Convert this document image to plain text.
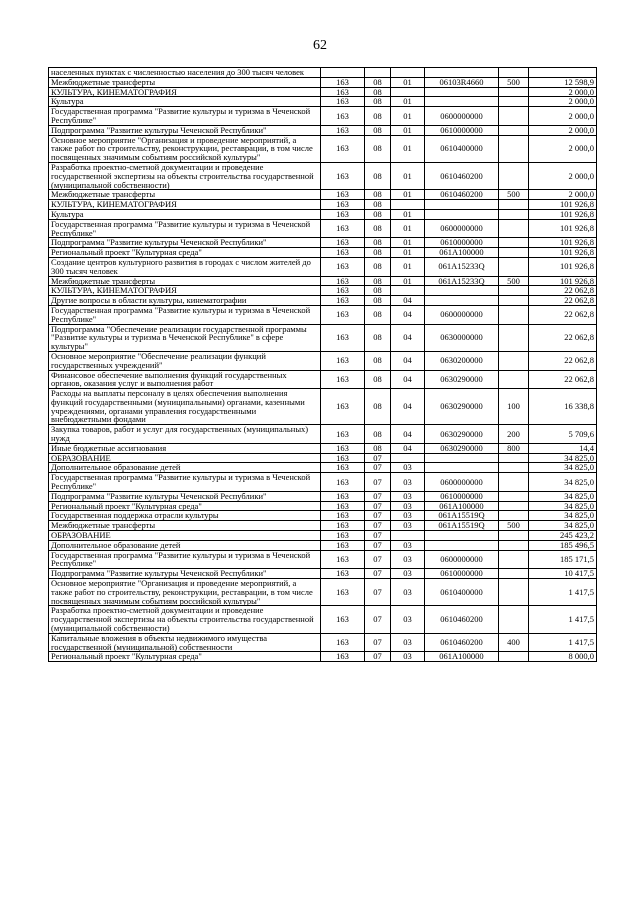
62
населенных пунктах с численностью населения до 300 тысяч человек						
Межбюджетные трансферты	163	08	01	06103R4660	500	12 598,9
КУЛЬТУРА, КИНЕМАТОГРАФИЯ	163	08				2 000,0
Культура	163	08	01			2 000,0
Государственная программа "Развитие культуры и туризма в Чеченской Республике"	163	08	01	0600000000		2 000,0
Подпрограмма "Развитие культуры Чеченской Республики"	163	08	01	0610000000		2 000,0
Основное мероприятие "Организация и проведение мероприятий, а также работ по строительству, реконструкции, реставрации, в том числе посвященных значимым событиям российской культуры"	163	08	01	0610400000		2 000,0
Разработка проектно-сметной документации и проведение государственной экспертизы на объекты строительства государственной (муниципальной собственности)	163	08	01	0610460200		2 000,0
Межбюджетные трансферты	163	08	01	0610460200	500	2 000,0
КУЛЬТУРА, КИНЕМАТОГРАФИЯ	163	08				101 926,8
Культура	163	08	01			101 926,8
Государственная программа "Развитие культуры и туризма в Чеченской Республике"	163	08	01	0600000000		101 926,8
Подпрограмма "Развитие культуры Чеченской Республики"	163	08	01	0610000000		101 926,8
Региональный проект "Культурная среда"	163	08	01	061A100000		101 926,8
Создание центров культурного развития в городах с числом жителей до 300 тысяч человек	163	08	01	061A15233Q		101 926,8
Межбюджетные трансферты	163	08	01	061A15233Q	500	101 926,8
КУЛЬТУРА, КИНЕМАТОГРАФИЯ	163	08				22 062,8
Другие вопросы в области культуры, кинематографии	163	08	04			22 062,8
Государственная программа "Развитие культуры и туризма в Чеченской Республике"	163	08	04	0600000000		22 062,8
Подпрограмма "Обеспечение реализации государственной программы "Развитие культуры и туризма в Чеченской Республике" в сфере культуры"	163	08	04	0630000000		22 062,8
Основное мероприятие "Обеспечение реализации функций государственных учреждений"	163	08	04	0630200000		22 062,8
Финансовое обеспечение выполнения функций государственных органов, оказания услуг и выполнения работ	163	08	04	0630290000		22 062,8
Расходы на выплаты персоналу в целях обеспечения выполнения функций государственными (муниципальными) органами, казенными учреждениями, органами управления государственными внебюджетными фондами	163	08	04	0630290000	100	16 338,8
Закупка товаров, работ и услуг для государственных (муниципальных) нужд	163	08	04	0630290000	200	5 709,6
Иные бюджетные ассигнования	163	08	04	0630290000	800	14,4
ОБРАЗОВАНИЕ	163	07				34 825,0
Дополнительное образование детей	163	07	03			34 825,0
Государственная программа "Развитие культуры и туризма в Чеченской Республике"	163	07	03	0600000000		34 825,0
Подпрограмма "Развитие культуры Чеченской Республики"	163	07	03	0610000000		34 825,0
Региональный проект "Культурная среда"	163	07	03	061A100000		34 825,0
Государственная поддержка отрасли культуры	163	07	03	061A15519Q		34 825,0
Межбюджетные трансферты	163	07	03	061A15519Q	500	34 825,0
ОБРАЗОВАНИЕ	163	07				245 423,2
Дополнительное образование детей	163	07	03			185 496,5
Государственная программа "Развитие культуры и туризма в Чеченской Республике"	163	07	03	0600000000		185 171,5
Подпрограмма "Развитие культуры Чеченской Республики"	163	07	03	0610000000		10 417,5
Основное мероприятие "Организация и проведение мероприятий, а также работ по строительству, реконструкции, реставрации, в том числе посвященных значимым событиям российской культуры"	163	07	03	0610400000		1 417,5
Разработка проектно-сметной документации и проведение государственной экспертизы на объекты строительства государственной (муниципальной собственности)	163	07	03	0610460200		1 417,5
Капитальные вложения в объекты недвижимого имущества государственной (муниципальной) собственности	163	07	03	0610460200	400	1 417,5
Региональный проект "Культурная среда"	163	07	03	061A100000		8 000,0
